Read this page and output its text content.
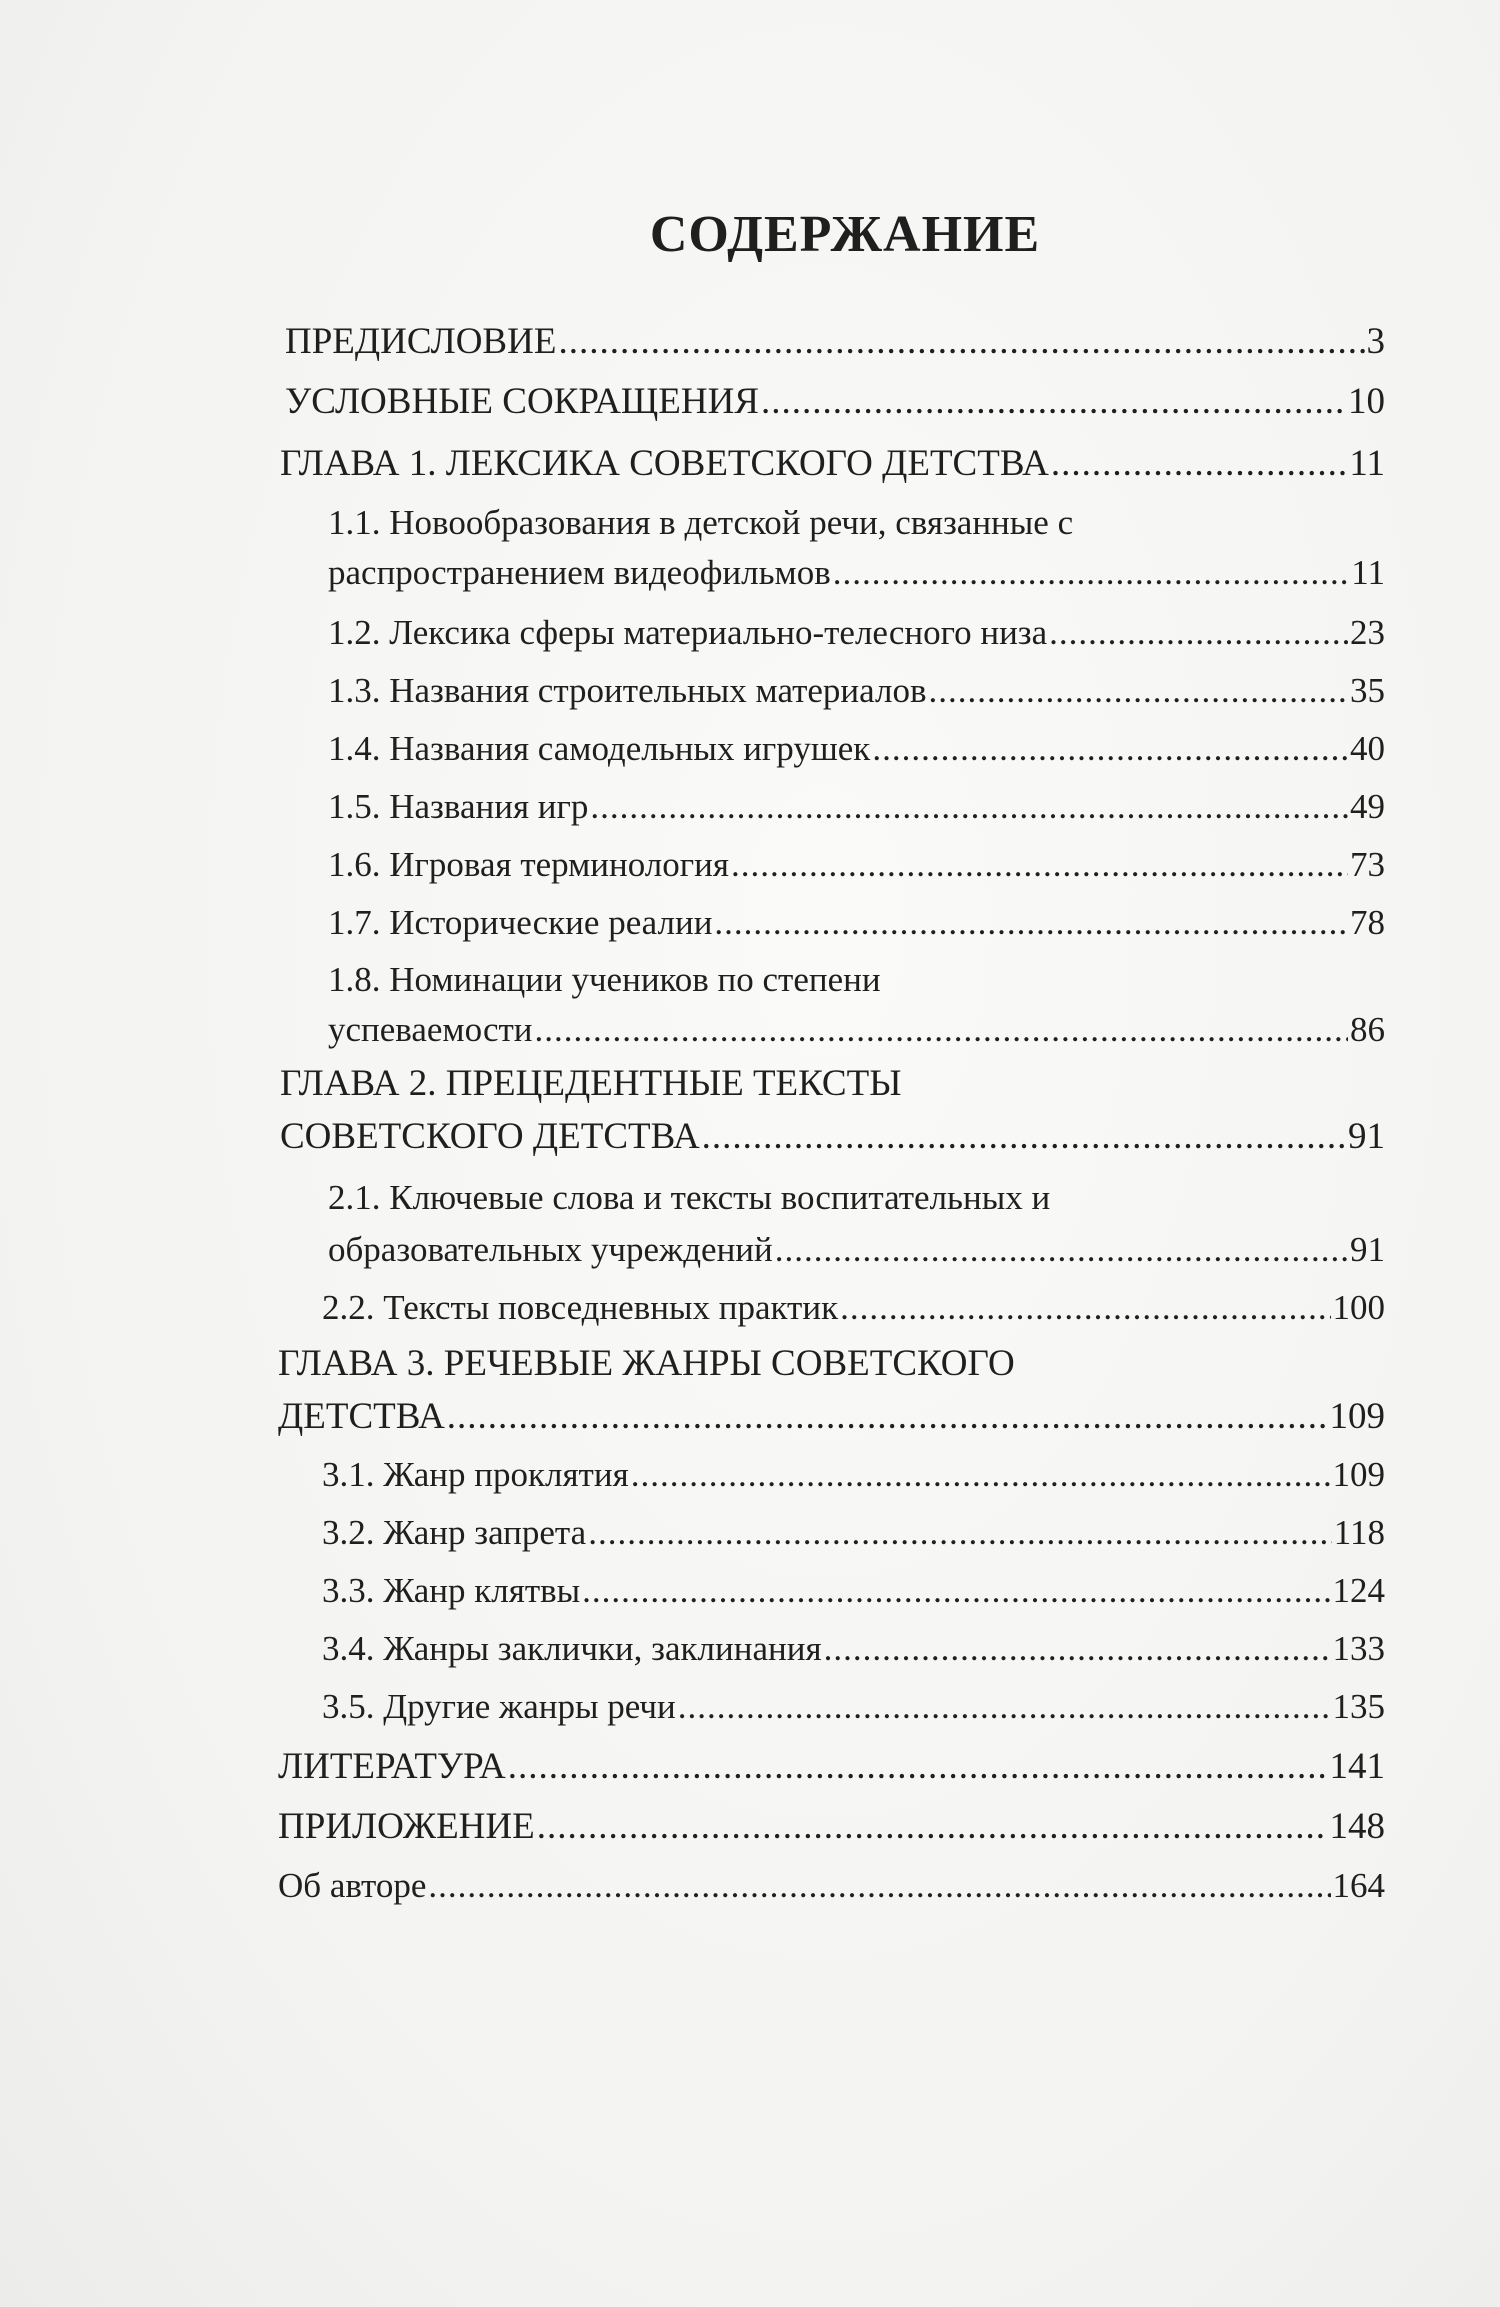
СОДЕРЖАНИЕ
ПРЕДИСЛОВИЕ .....	3
УСЛОВНЫЕ СОКРАЩЕНИЯ .....	10
ГЛАВА 1. ЛЕКСИКА СОВЕТСКОГО ДЕТСТВА .....	11
1.1. Новообразования в детской речи, связанные с
распространением видеофильмов .....	11
1.2. Лексика сферы материально-телесного низа .....	23
1.3. Названия строительных материалов .....	35
1.4. Названия самодельных игрушек .....	40
1.5. Названия игр .....	49
1.6. Игровая терминология .....	73
1.7. Исторические реалии .....	78
1.8. Номинации учеников по степени
успеваемости .....	86
ГЛАВА 2. ПРЕЦЕДЕНТНЫЕ ТЕКСТЫ
СОВЕТСКОГО ДЕТСТВА .....	91
2.1. Ключевые слова и тексты воспитательных и
образовательных учреждений .....	91
2.2. Тексты повседневных практик .....	100
ГЛАВА 3. РЕЧЕВЫЕ ЖАНРЫ СОВЕТСКОГО
ДЕТСТВА .....	109
3.1. Жанр проклятия .....	109
3.2. Жанр запрета .....	118
3.3. Жанр клятвы .....	124
3.4. Жанры заклички, заклинания .....	133
3.5. Другие жанры речи .....	135
ЛИТЕРАТУРА .....	141
ПРИЛОЖЕНИЕ .....	148
Об авторе .....	164
